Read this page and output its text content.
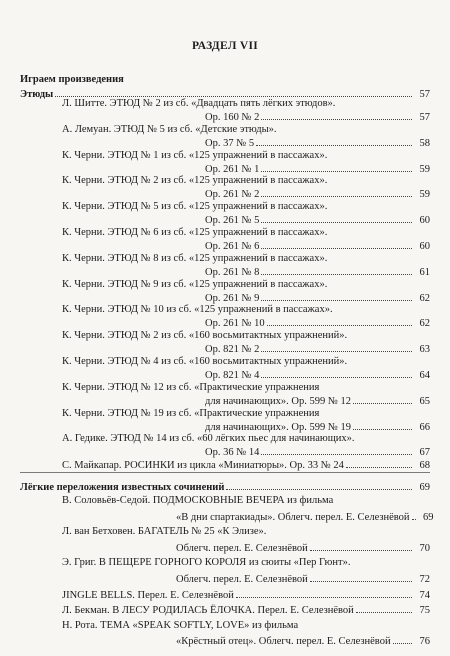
РАЗДЕЛ VII
Играем произведения
Этюды	57
Л. Шитте. ЭТЮД № 2 из сб. «Двадцать пять лёгких этюдов».
Op. 160 № 2	57
А. Лемуан. ЭТЮД № 5 из сб. «Детские этюды».
Op. 37 № 5	58
К. Черни. ЭТЮД № 1 из сб. «125 упражнений в пассажах».
Op. 261 № 1	59
К. Черни. ЭТЮД № 2 из сб. «125 упражнений в пассажах».
Op. 261 № 2	59
К. Черни. ЭТЮД № 5 из сб. «125 упражнений в пассажах».
Op. 261 № 5	60
К. Черни. ЭТЮД № 6 из сб. «125 упражнений в пассажах».
Op. 261 № 6	60
К. Черни. ЭТЮД № 8 из сб. «125 упражнений в пассажах».
Op. 261 № 8	61
К. Черни. ЭТЮД № 9 из сб. «125 упражнений в пассажах».
Op. 261 № 9	62
К. Черни. ЭТЮД № 10 из сб. «125 упражнений в пассажах».
Op. 261 № 10	62
К. Черни. ЭТЮД № 2 из сб. «160 восьмитактных упражнений».
Op. 821 № 2	63
К. Черни. ЭТЮД № 4 из сб. «160 восьмитактных упражнений».
Op. 821 № 4	64
К. Черни. ЭТЮД № 12 из сб. «Практические упражнения
для начинающих». Op. 599 № 12	65
К. Черни. ЭТЮД № 19 из сб. «Практические упражнения
для начинающих». Op. 599 № 19	66
А. Гедике. ЭТЮД № 14 из сб. «60 лёгких пьес для начинающих».
Op. 36 № 14	67
С. Майкапар. РОСИНКИ из цикла «Миниатюры». Op. 33 № 24	68
Лёгкие переложения известных сочинений	69
В. Соловьёв-Седой. ПОДМОСКОВНЫЕ ВЕЧЕРА из фильма
«В дни спартакиады». Облегч. перел. Е. Селезнёвой	69
Л. ван Бетховен. БАГАТЕЛЬ № 25 «К Элизе».
Облегч. перел. Е. Селезнёвой	70
Э. Григ. В ПЕЩЕРЕ ГОРНОГО КОРОЛЯ из сюиты «Пер Гюнт».
Облегч. перел. Е. Селезнёвой	72
JINGLE BELLS. Перел. Е. Селезнёвой	74
Л. Бекман. В ЛЕСУ РОДИЛАСЬ ЁЛОЧКА. Перел. Е. Селезнёвой	75
Н. Рота. ТЕМА «SPEAK SOFTLY, LOVE» из фильма
«Крёстный отец». Облегч. перел. Е. Селезнёвой	76
